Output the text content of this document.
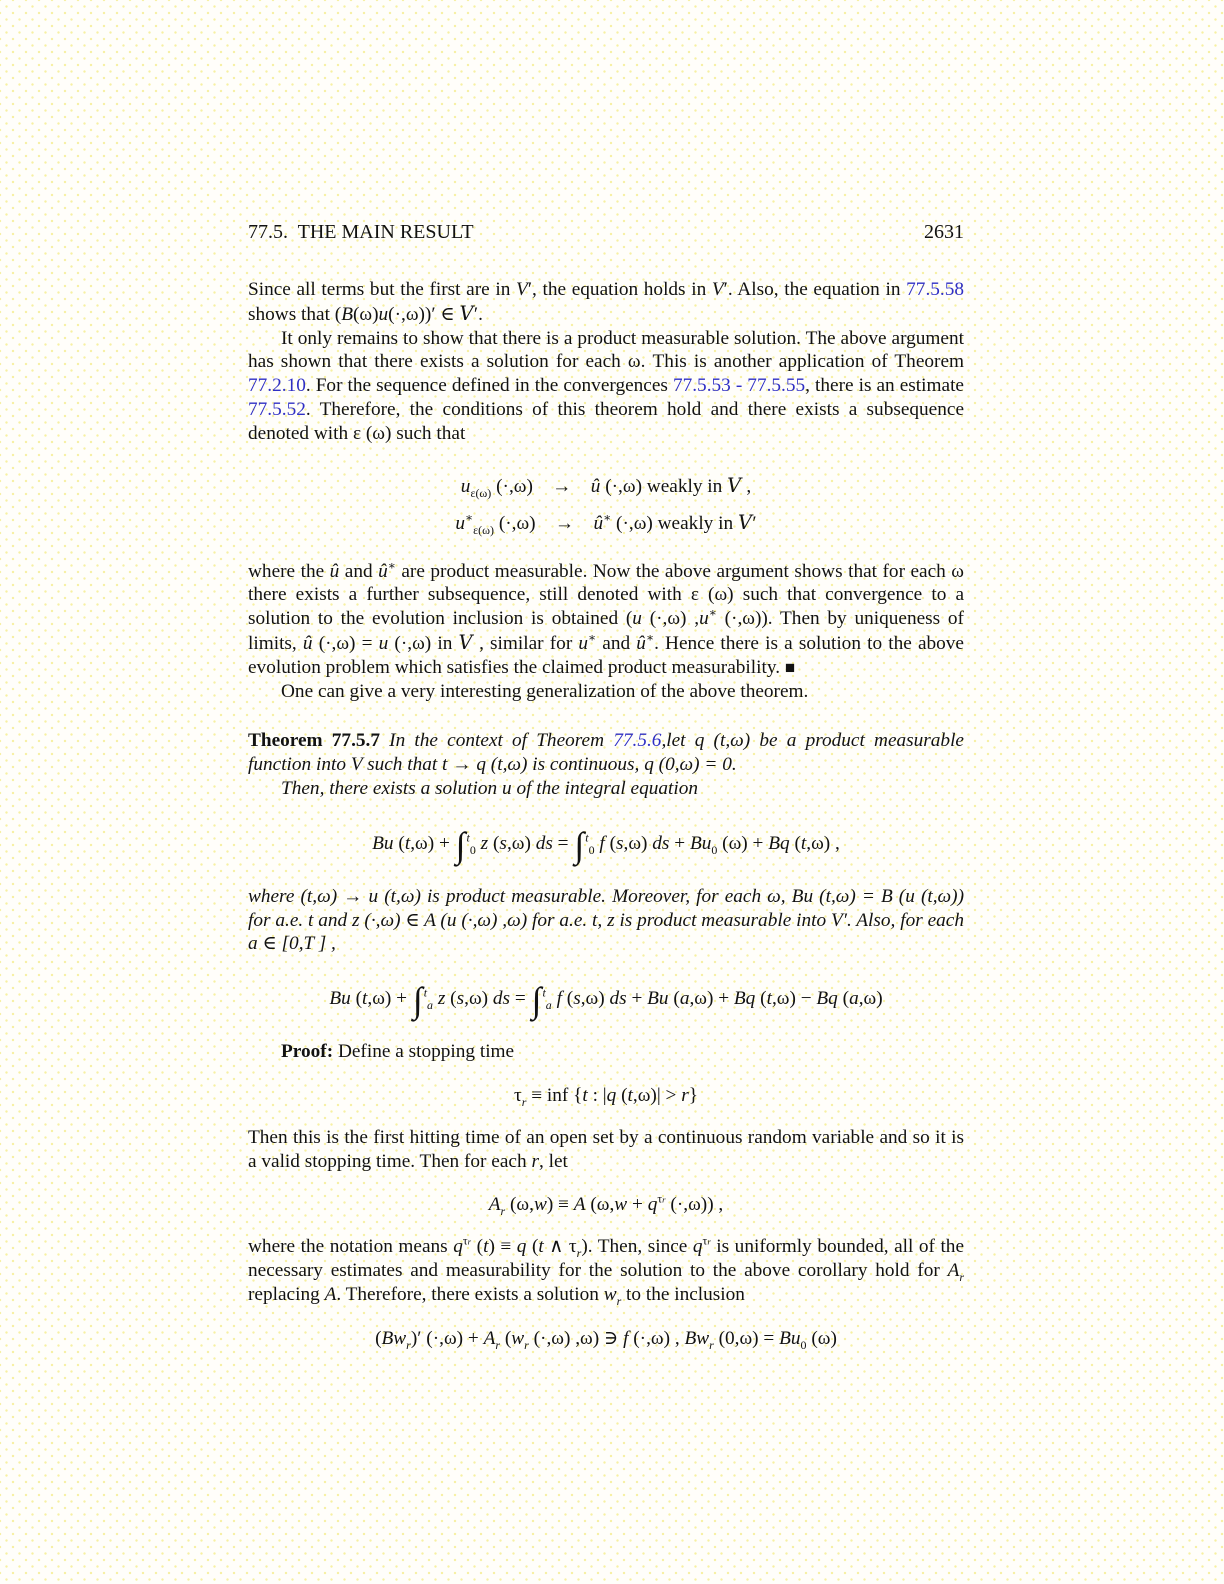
77.5.  THE MAIN RESULT	2631

Since all terms but the first are in V′, the equation holds in V′. Also, the equation in 77.5.58 shows that (B(ω)u(·,ω))′ ∈ V′.

It only remains to show that there is a product measurable solution. The above argument has shown that there exists a solution for each ω. This is another application of Theorem 77.2.10. For the sequence defined in the convergences 77.5.53 - 77.5.55, there is an estimate 77.5.52. Therefore, the conditions of this theorem hold and there exists a subsequence denoted with ε (ω) such that

$u_{\varepsilon(\omega)}$ (·,ω) → û (·,ω) weakly in V ,
$u^∗_{\varepsilon(\omega)}$ (·,ω) → û∗ (·,ω) weakly in V′

where the û and û∗ are product measurable. Now the above argument shows that for each ω there exists a further subsequence, still denoted with ε (ω) such that convergence to a solution to the evolution inclusion is obtained (u (·,ω) ,u∗ (·,ω)). Then by uniqueness of limits, û (·,ω) = u (·,ω) in V , similar for u∗ and û∗. Hence there is a solution to the above evolution problem which satisfies the claimed product measurability. ■

One can give a very interesting generalization of the above theorem.

Theorem 77.5.7 In the context of Theorem 77.5.6,let q (t,ω) be a product measurable function into V such that t → q (t,ω) is continuous, q (0,ω) = 0.

Then, there exists a solution u of the integral equation

Bu (t,ω) + ∫$^t_0$ z (s,ω) ds = ∫$^t_0$ f (s,ω) ds + $Bu_0$ (ω) + Bq (t,ω) ,

where (t,ω) → u (t,ω) is product measurable. Moreover, for each ω, Bu (t,ω) = B (u (t,ω)) for a.e. t and z (·,ω) ∈ A (u (·,ω) ,ω) for a.e. t, z is product measurable into V′. Also, for each a ∈ [0,T ] ,

Bu (t,ω) + ∫$^t_a$ z (s,ω) ds = ∫$^t_a$ f (s,ω) ds + Bu (a,ω) + Bq (t,ω) − Bq (a,ω)

Proof: Define a stopping time

$\tau_r$ ≡ inf {t : |q (t,ω)| > r}

Then this is the first hitting time of an open set by a continuous random variable and so it is a valid stopping time. Then for each r, let

$A_r$ (ω,w) ≡ A ($\omega,w + q^{\tau r}$ (·,ω)) ,

where the notation means $q^{\tau r}$ (t) ≡ q (t ∧ $\tau_r$). Then, since $q^{\tau r}$ is uniformly bounded, all of the necessary estimates and measurability for the solution to the above corollary hold for $A_r$ replacing A. Therefore, there exists a solution $w_r$ to the inclusion

$(Bw_r)'$ $(\cdot,\omega) + A_r$ ($w_r$ (·,ω) ,ω) ∋ f (·,ω) , $Bw_r$ $(0,\omega) = Bu_0$ (ω)
